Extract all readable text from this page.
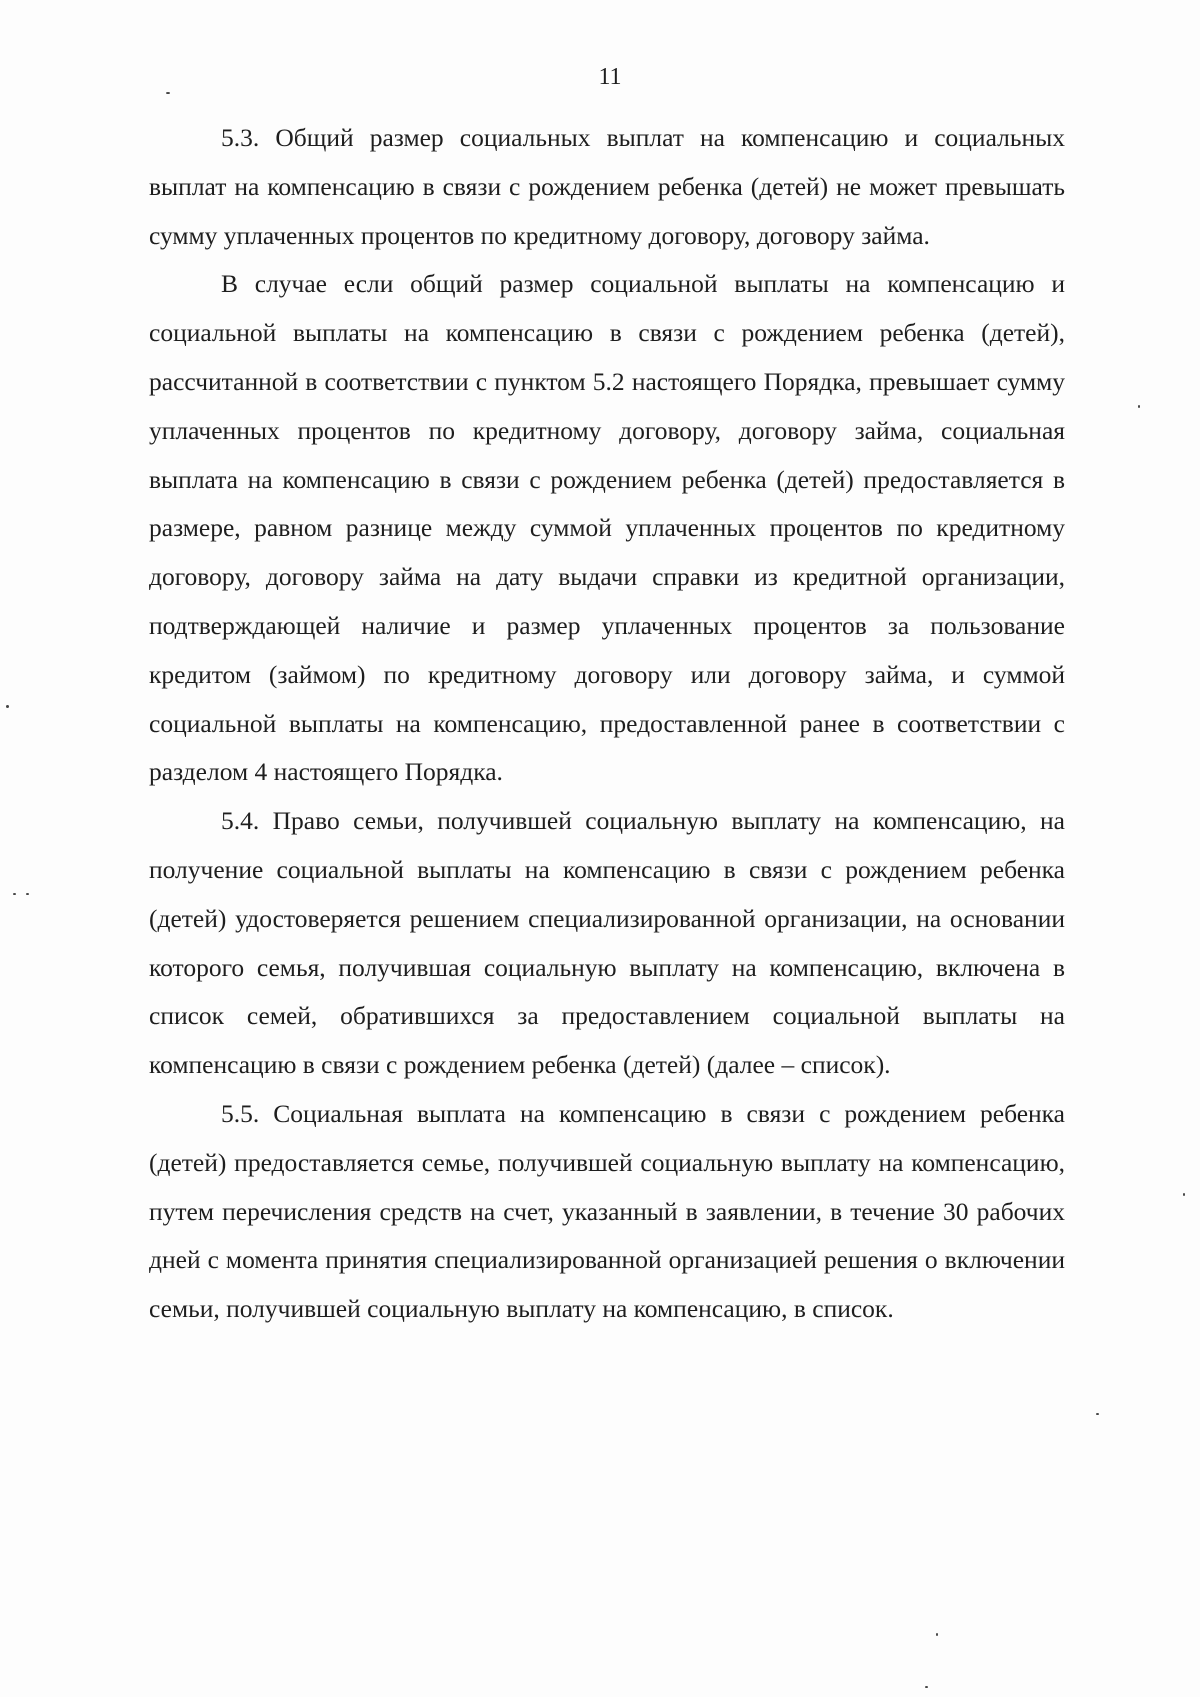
11

5.3. Общий размер социальных выплат на компенсацию и социальных выплат на компенсацию в связи с рождением ребенка (детей) не может превышать сумму уплаченных процентов по кредитному договору, договору займа.

В случае если общий размер социальной выплаты на компенсацию и социальной выплаты на компенсацию в связи с рождением ребенка (детей), рассчитанной в соответствии с пунктом 5.2 настоящего Порядка, превышает сумму уплаченных процентов по кредитному договору, договору займа, социальная выплата на компенсацию в связи с рождением ребенка (детей) предоставляется в размере, равном разнице между суммой уплаченных процентов по кредитному договору, договору займа на дату выдачи справки из кредитной организации, подтверждающей наличие и размер уплаченных процентов за пользование кредитом (займом) по кредитному договору или договору займа, и суммой социальной выплаты на компенсацию, предоставленной ранее в соответствии с разделом 4 настоящего Порядка.

5.4. Право семьи, получившей социальную выплату на компенсацию, на получение социальной выплаты на компенсацию в связи с рождением ребенка (детей) удостоверяется решением специализированной организации, на основании которого семья, получившая социальную выплату на компенсацию, включена в список семей, обратившихся за предоставлением социальной выплаты на компенсацию в связи с рождением ребенка (детей) (далее – список).

5.5. Социальная выплата на компенсацию в связи с рождением ребенка (детей) предоставляется семье, получившей социальную выплату на компенсацию, путем перечисления средств на счет, указанный в заявлении, в течение 30 рабочих дней с момента принятия специализированной организацией решения о включении семьи, получившей социальную выплату на компенсацию, в список.
